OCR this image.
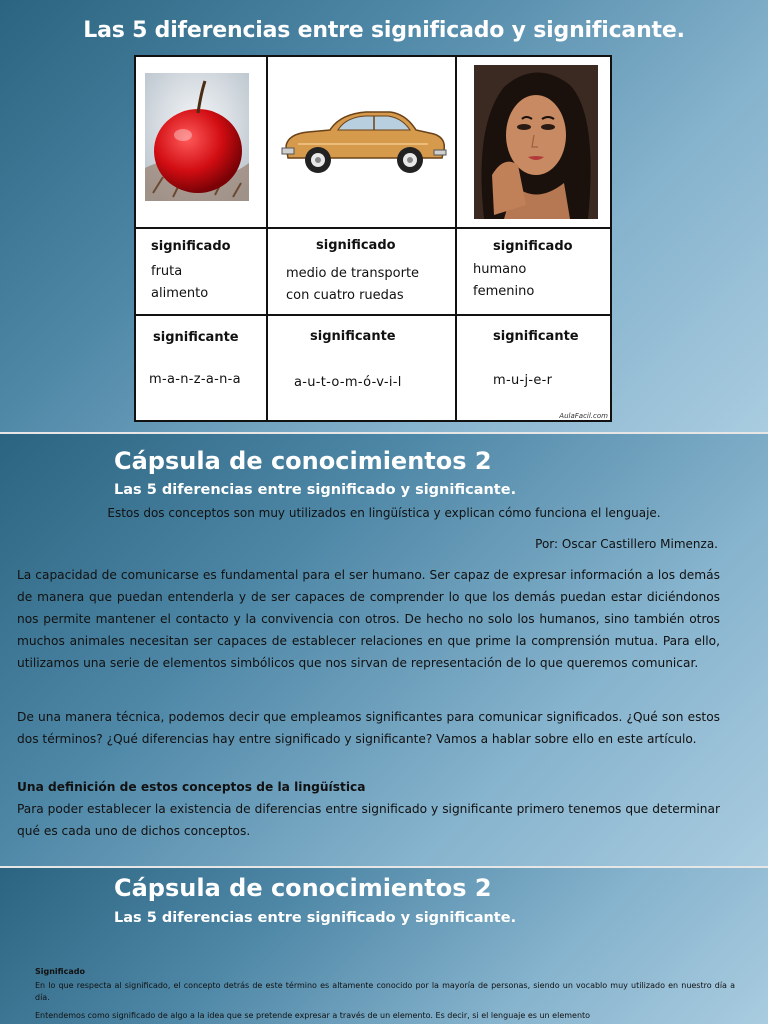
Las 5 diferencias entre significado y significante.
significado
fruta
alimento
significante
m-a-n-z-a-n-a
significado
medio de transporte
con cuatro ruedas
significante
a-u-t-o-m-ó-v-i-l
significado
humano
femenino
significante
m-u-j-e-r
AulaFacil.com
Cápsula de conocimientos 2
Las 5 diferencias entre significado y significante.
Estos dos conceptos son muy utilizados en lingüística y explican cómo funciona el lenguaje.
Por: Oscar Castillero Mimenza.

La capacidad de comunicarse es fundamental para el ser humano. Ser capaz de expresar información a los demás de manera que puedan entenderla y de ser capaces de comprender lo que los demás puedan estar diciéndonos nos permite mantener el contacto y la convivencia con otros. De hecho no solo los humanos, sino también otros muchos animales necesitan ser capaces de establecer relaciones en que prime la comprensión mutua. Para ello, utilizamos una serie de elementos simbólicos que nos sirvan de representación de lo que queremos comunicar.

De una manera técnica, podemos decir que empleamos significantes para comunicar significados. ¿Qué son estos dos términos? ¿Qué diferencias hay entre significado y significante? Vamos a hablar sobre ello en este artículo.

Una definición de estos conceptos de la lingüística

Para poder establecer la existencia de diferencias entre significado y significante primero tenemos que determinar qué es cada uno de dichos conceptos.

Cápsula de conocimientos 2
Las 5 diferencias entre significado y significante.
Significado

En lo que respecta al significado, el concepto detrás de este término es altamente conocido por la mayoría de personas, siendo un vocablo muy utilizado en nuestro día a día.

Entendemos como significado de algo a la idea que se pretende expresar a través de un elemento. Es decir, si el lenguaje es un elemento
